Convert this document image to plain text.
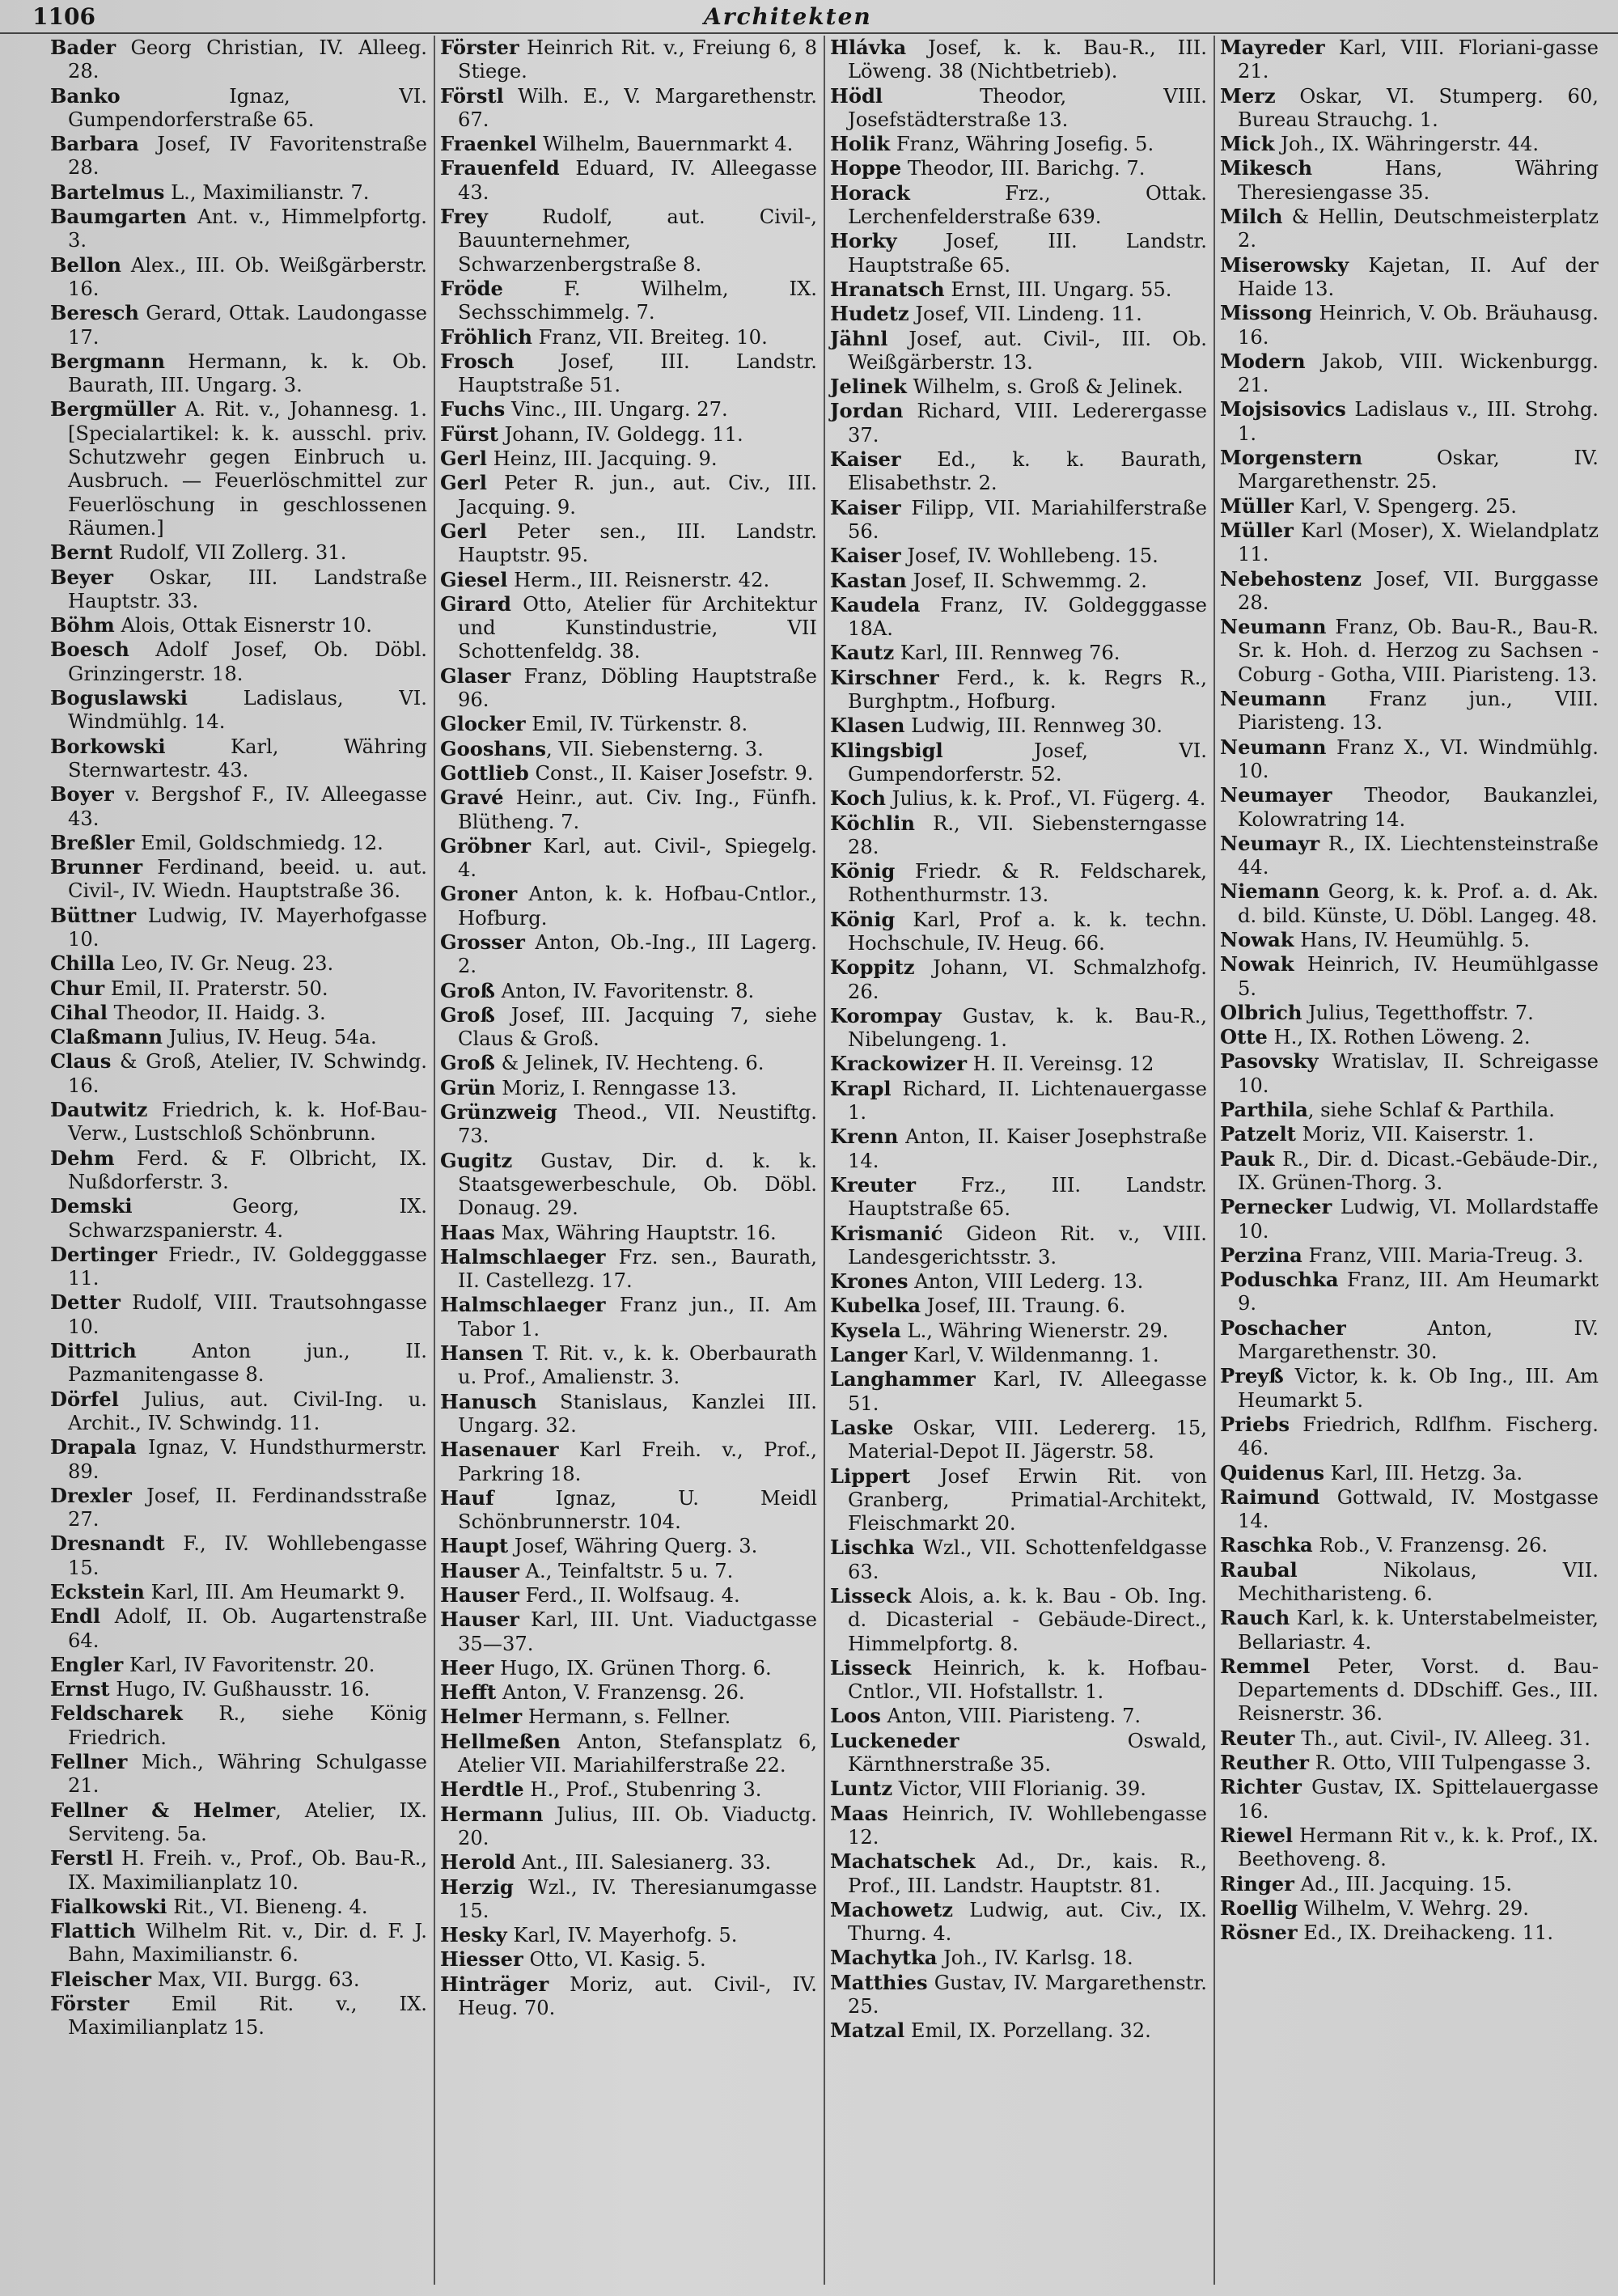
1106	Architekten

Bader Georg Christian, IV. Alleeg. 28.

Banko Ignaz, VI. Gumpendorferstraße 65.

Barbara Josef, IV Favoritenstraße 28.

Bartelmus L., Maximilianstr. 7.

Baumgarten Ant. v., Himmelpfortg. 3.

Bellon Alex., III. Ob. Weißgärberstr. 16.

Beresch Gerard, Ottak. Laudongasse 17.

Bergmann Hermann, k. k. Ob. Baurath, III. Ungarg. 3.

Bergmüller A. Rit. v., Johannesg. 1. [Specialartikel: k. k. ausschl. priv. Schutzwehr gegen Einbruch u. Ausbruch. — Feuerlöschmittel zur Feuerlöschung in geschlossenen Räumen.]

Bernt Rudolf, VII Zollerg. 31.

Beyer Oskar, III. Landstraße Hauptstr. 33.

Böhm Alois, Ottak Eisnerstr 10.

Boesch Adolf Josef, Ob. Döbl. Grinzingerstr. 18.

Boguslawski Ladislaus, VI. Windmühlg. 14.

Borkowski Karl, Währing Sternwartestr. 43.

Boyer v. Bergshof F., IV. Alleegasse 43.

Breßler Emil, Goldschmiedg. 12.

Brunner Ferdinand, beeid. u. aut. Civil-, IV. Wiedn. Hauptstraße 36.

Büttner Ludwig, IV. Mayerhofgasse 10.

Chilla Leo, IV. Gr. Neug. 23.

Chur Emil, II. Praterstr. 50.

Cihal Theodor, II. Haidg. 3.

Claßmann Julius, IV. Heug. 54a.

Claus & Groß, Atelier, IV. Schwindg. 16.

Dautwitz Friedrich, k. k. Hof-Bau-Verw., Lustschloß Schönbrunn.

Dehm Ferd. & F. Olbricht, IX. Nußdorferstr. 3.

Demski Georg, IX. Schwarzspanierstr. 4.

Dertinger Friedr., IV. Goldegggasse 11.

Detter Rudolf, VIII. Trautsohngasse 10.

Dittrich Anton jun., II. Pazmanitengasse 8.

Dörfel Julius, aut. Civil-Ing. u. Archit., IV. Schwindg. 11.

Drapala Ignaz, V. Hundsthurmerstr. 89.

Drexler Josef, II. Ferdinandsstraße 27.

Dresnandt F., IV. Wohllebengasse 15.

Eckstein Karl, III. Am Heumarkt 9.

Endl Adolf, II. Ob. Augartenstraße 64.

Engler Karl, IV Favoritenstr. 20.

Ernst Hugo, IV. Gußhausstr. 16.

Feldscharek R., siehe König Friedrich.

Fellner Mich., Währing Schulgasse 21.

Fellner & Helmer, Atelier, IX. Serviteng. 5a.

Ferstl H. Freih. v., Prof., Ob. Bau-R., IX. Maximilianplatz 10.

Fialkowski Rit., VI. Bieneng. 4.

Flattich Wilhelm Rit. v., Dir. d. F. J. Bahn, Maximilianstr. 6.

Fleischer Max, VII. Burgg. 63.

Förster Emil Rit. v., IX. Maximilianplatz 15.

Förster Heinrich Rit. v., Freiung 6, 8 Stiege.

Förstl Wilh. E., V. Margarethenstr. 67.

Fraenkel Wilhelm, Bauernmarkt 4.

Frauenfeld Eduard, IV. Alleegasse 43.

Frey Rudolf, aut. Civil-, Bauunternehmer, Schwarzenbergstraße 8.

Fröde F. Wilhelm, IX. Sechsschimmelg. 7.

Fröhlich Franz, VII. Breiteg. 10.

Frosch Josef, III. Landstr. Hauptstraße 51.

Fuchs Vinc., III. Ungarg. 27.

Fürst Johann, IV. Goldegg. 11.

Gerl Heinz, III. Jacquing. 9.

Gerl Peter R. jun., aut. Civ., III. Jacquing. 9.

Gerl Peter sen., III. Landstr. Hauptstr. 95.

Giesel Herm., III. Reisnerstr. 42.

Girard Otto, Atelier für Architektur und Kunstindustrie, VII Schottenfeldg. 38.

Glaser Franz, Döbling Hauptstraße 96.

Glocker Emil, IV. Türkenstr. 8.

Gooshans, VII. Siebensterng. 3.

Gottlieb Const., II. Kaiser Josefstr. 9.

Gravé Heinr., aut. Civ. Ing., Fünfh. Blütheng. 7.

Gröbner Karl, aut. Civil-, Spiegelg. 4.

Groner Anton, k. k. Hofbau-Cntlor., Hofburg.

Grosser Anton, Ob.-Ing., III Lagerg. 2.

Groß Anton, IV. Favoritenstr. 8.

Groß Josef, III. Jacquing 7, siehe Claus & Groß.

Groß & Jelinek, IV. Hechteng. 6.

Grün Moriz, I. Renngasse 13.

Grünzweig Theod., VII. Neustiftg. 73.

Gugitz Gustav, Dir. d. k. k. Staatsgewerbeschule, Ob. Döbl. Donaug. 29.

Haas Max, Währing Hauptstr. 16.

Halmschlaeger Frz. sen., Baurath, II. Castellezg. 17.

Halmschlaeger Franz jun., II. Am Tabor 1.

Hansen T. Rit. v., k. k. Oberbaurath u. Prof., Amalienstr. 3.

Hanusch Stanislaus, Kanzlei III. Ungarg. 32.

Hasenauer Karl Freih. v., Prof., Parkring 18.

Hauf Ignaz, U. Meidl Schönbrunnerstr. 104.

Haupt Josef, Währing Querg. 3.

Hauser A., Teinfaltstr. 5 u. 7.

Hauser Ferd., II. Wolfsaug. 4.

Hauser Karl, III. Unt. Viaductgasse 35—37.

Heer Hugo, IX. Grünen Thorg. 6.

Hefft Anton, V. Franzensg. 26.

Helmer Hermann, s. Fellner.

Hellmeßen Anton, Stefansplatz 6, Atelier VII. Mariahilferstraße 22.

Herdtle H., Prof., Stubenring 3.

Hermann Julius, III. Ob. Viaductg. 20.

Herold Ant., III. Salesianerg. 33.

Herzig Wzl., IV. Theresianumgasse 15.

Hesky Karl, IV. Mayerhofg. 5.

Hiesser Otto, VI. Kasig. 5.

Hinträger Moriz, aut. Civil-, IV. Heug. 70.

Hlávka Josef, k. k. Bau-R., III. Löweng. 38 (Nichtbetrieb).

Hödl Theodor, VIII. Josefstädterstraße 13.

Holik Franz, Währing Josefig. 5.

Hoppe Theodor, III. Barichg. 7.

Horack Frz., Ottak. Lerchenfelderstraße 639.

Horky Josef, III. Landstr. Hauptstraße 65.

Hranatsch Ernst, III. Ungarg. 55.

Hudetz Josef, VII. Lindeng. 11.

Jähnl Josef, aut. Civil-, III. Ob. Weißgärberstr. 13.

Jelinek Wilhelm, s. Groß & Jelinek.

Jordan Richard, VIII. Lederergasse 37.

Kaiser Ed., k. k. Baurath, Elisabethstr. 2.

Kaiser Filipp, VII. Mariahilferstraße 56.

Kaiser Josef, IV. Wohllebeng. 15.

Kastan Josef, II. Schwemmg. 2.

Kaudela Franz, IV. Goldegggasse 18A.

Kautz Karl, III. Rennweg 76.

Kirschner Ferd., k. k. Regrs R., Burghptm., Hofburg.

Klasen Ludwig, III. Rennweg 30.

Klingsbigl Josef, VI. Gumpendorferstr. 52.

Koch Julius, k. k. Prof., VI. Fügerg. 4.

Köchlin R., VII. Siebensterngasse 28.

König Friedr. & R. Feldscharek, Rothenthurmstr. 13.

König Karl, Prof a. k. k. techn. Hochschule, IV. Heug. 66.

Koppitz Johann, VI. Schmalzhofg. 26.

Korompay Gustav, k. k. Bau-R., Nibelungeng. 1.

Krackowizer H. II. Vereinsg. 12

Krapl Richard, II. Lichtenauergasse 1.

Krenn Anton, II. Kaiser Josephstraße 14.

Kreuter Frz., III. Landstr. Hauptstraße 65.

Krismanić Gideon Rit. v., VIII. Landesgerichtsstr. 3.

Krones Anton, VIII Lederg. 13.

Kubelka Josef, III. Traung. 6.

Kysela L., Währing Wienerstr. 29.

Langer Karl, V. Wildenmanng. 1.

Langhammer Karl, IV. Alleegasse 51.

Laske Oskar, VIII. Ledererg. 15, Material-Depot II. Jägerstr. 58.

Lippert Josef Erwin Rit. von Granberg, Primatial-Architekt, Fleischmarkt 20.

Lischka Wzl., VII. Schottenfeldgasse 63.

Lisseck Alois, a. k. k. Bau - Ob. Ing. d. Dicasterial - Gebäude-Direct., Himmelpfortg. 8.

Lisseck Heinrich, k. k. Hofbau-Cntlor., VII. Hofstallstr. 1.

Loos Anton, VIII. Piaristeng. 7.

Luckeneder Oswald, Kärnthnerstraße 35.

Luntz Victor, VIII Florianig. 39.

Maas Heinrich, IV. Wohllebengasse 12.

Machatschek Ad., Dr., kais. R., Prof., III. Landstr. Hauptstr. 81.

Machowetz Ludwig, aut. Civ., IX. Thurng. 4.

Machytka Joh., IV. Karlsg. 18.

Matthies Gustav, IV. Margarethenstr. 25.

Matzal Emil, IX. Porzellang. 32.

Mayreder Karl, VIII. Floriani-gasse 21.

Merz Oskar, VI. Stumperg. 60, Bureau Strauchg. 1.

Mick Joh., IX. Währingerstr. 44.

Mikesch Hans, Währing Theresiengasse 35.

Milch & Hellin, Deutschmeisterplatz 2.

Miserowsky Kajetan, II. Auf der Haide 13.

Missong Heinrich, V. Ob. Bräuhausg. 16.

Modern Jakob, VIII. Wickenburgg. 21.

Mojsisovics Ladislaus v., III. Strohg. 1.

Morgenstern Oskar, IV. Margarethenstr. 25.

Müller Karl, V. Spengerg. 25.

Müller Karl (Moser), X. Wielandplatz 11.

Nebehostenz Josef, VII. Burggasse 28.

Neumann Franz, Ob. Bau-R., Bau-R. Sr. k. Hoh. d. Herzog zu Sachsen - Coburg - Gotha, VIII. Piaristeng. 13.

Neumann Franz jun., VIII. Piaristeng. 13.

Neumann Franz X., VI. Windmühlg. 10.

Neumayer Theodor, Baukanzlei, Kolowratring 14.

Neumayr R., IX. Liechtensteinstraße 44.

Niemann Georg, k. k. Prof. a. d. Ak. d. bild. Künste, U. Döbl. Langeg. 48.

Nowak Hans, IV. Heumühlg. 5.

Nowak Heinrich, IV. Heumühlgasse 5.

Olbrich Julius, Tegetthoffstr. 7.

Otte H., IX. Rothen Löweng. 2.

Pasovsky Wratislav, II. Schreigasse 10.

Parthila, siehe Schlaf & Parthila.

Patzelt Moriz, VII. Kaiserstr. 1.

Pauk R., Dir. d. Dicast.-Gebäude-Dir., IX. Grünen-Thorg. 3.

Pernecker Ludwig, VI. Mollardstaffe 10.

Perzina Franz, VIII. Maria-Treug. 3.

Poduschka Franz, III. Am Heumarkt 9.

Poschacher Anton, IV. Margarethenstr. 30.

Preyß Victor, k. k. Ob Ing., III. Am Heumarkt 5.

Priebs Friedrich, Rdlfhm. Fischerg. 46.

Quidenus Karl, III. Hetzg. 3a.

Raimund Gottwald, IV. Mostgasse 14.

Raschka Rob., V. Franzensg. 26.

Raubal Nikolaus, VII. Mechitharisteng. 6.

Rauch Karl, k. k. Unterstabelmeister, Bellariastr. 4.

Remmel Peter, Vorst. d. Bau-Departements d. DDschiff. Ges., III. Reisnerstr. 36.

Reuter Th., aut. Civil-, IV. Alleeg. 31.

Reuther R. Otto, VIII Tulpengasse 3.

Richter Gustav, IX. Spittelauergasse 16.

Riewel Hermann Rit v., k. k. Prof., IX. Beethoveng. 8.

Ringer Ad., III. Jacquing. 15.

Roellig Wilhelm, V. Wehrg. 29.

Rösner Ed., IX. Dreihackeng. 11.
